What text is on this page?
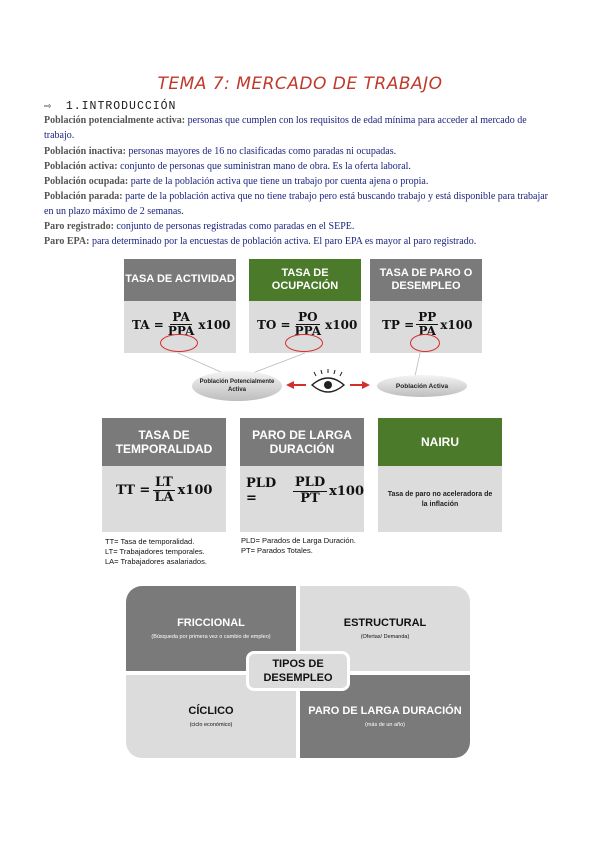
TEMA 7: MERCADO DE TRABAJO
⇨ 1.INTRODUCCIÓN
Población potencialmente activa: personas que cumplen con los requisitos de edad mínima para acceder al mercado de trabajo.
Población inactiva: personas mayores de 16 no clasificadas como paradas ni ocupadas.
Población activa: conjunto de personas que suministran mano de obra. Es la oferta laboral.
Población ocupada: parte de la población activa que tiene un trabajo por cuenta ajena o propia.
Población parada: parte de la población activa que no tiene trabajo pero está buscando trabajo y está disponible para trabajar en un plazo máximo de 2 semanas.
Paro registrado: conjunto de personas registradas como paradas en el SEPE.
Paro EPA: para determinado por la encuestas de población activa. El paro EPA es mayor al paro registrado.
TASA DE ACTIVIDAD
TA = $\frac{PA}{\text{PPA}} x100$
TASA DE OCUPACIÓN
TO = $\frac{PO}{\text{PPA}} x100$
TASA DE PARO O DESEMPLEO
TP = $\frac{PP}{PA} x100$
Población Potencialmente Activa
Población Activa
TASA DE TEMPORALIDAD
TT = $\frac{LT}{LA} x100$
PARO DE LARGA DURACIÓN
PLD =	$\frac{\text{PLD}}{PT} x100$
NAIRU
Tasa de paro no aceleradora de la inflación
TT= Tasa de temporalidad.
LT= Trabajadores temporales.
LA= Trabajadores asalariados.
PLD= Parados de Larga Duración.
PT= Parados Totales.
FRICCIONAL
(Búsqueda por primera vez o cambio de empleo)
ESTRUCTURAL
(Ofertas/ Demanda)
CÍCLICO
(ciclo económico)
PARO DE LARGA DURACIÓN
(más de un año)
TIPOS DE DESEMPLEO
